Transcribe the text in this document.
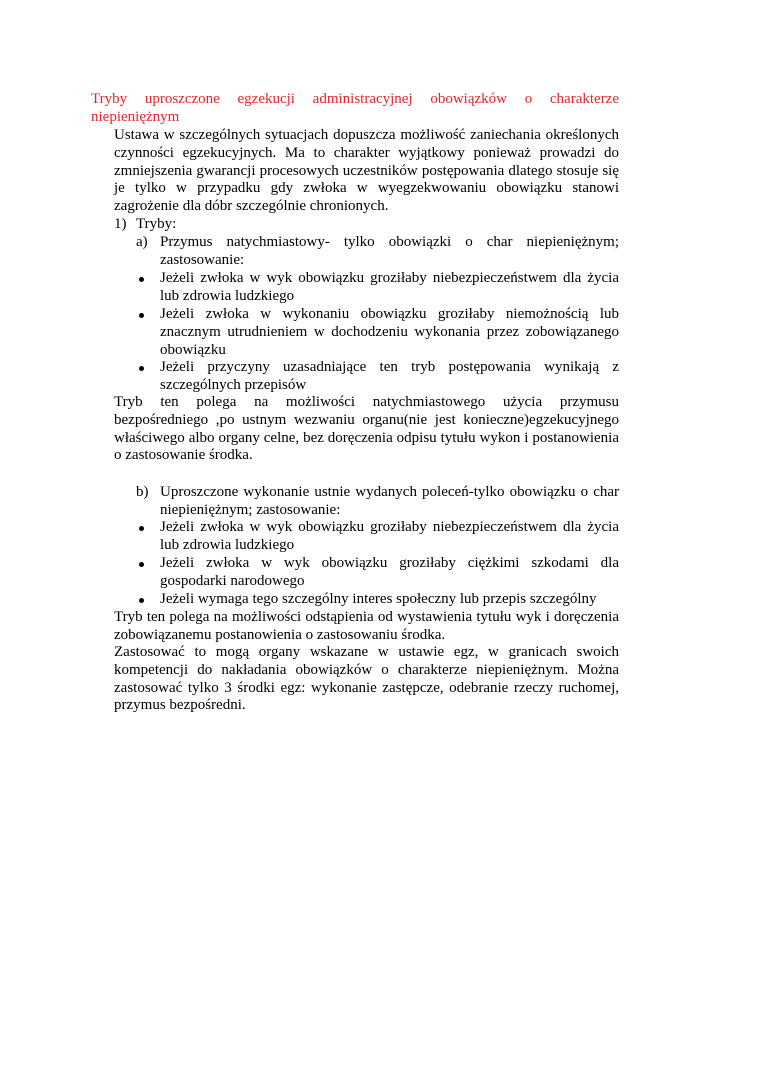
Tryby uproszczone egzekucji administracyjnej obowiązków o charakterze niepieniężnym
Ustawa w szczególnych sytuacjach dopuszcza możliwość zaniechania określonych czynności egzekucyjnych. Ma to charakter wyjątkowy ponieważ prowadzi do zmniejszenia gwarancji procesowych uczestników postępowania dlatego stosuje się je tylko w przypadku gdy zwłoka w wyegzekwowaniu obowiązku stanowi zagrożenie dla dóbr szczególnie chronionych.
1) Tryby:
a) Przymus natychmiastowy- tylko obowiązki o char niepieniężnym; zastosowanie:
Jeżeli zwłoka w wyk obowiązku groziłaby niebezpieczeństwem dla życia lub zdrowia ludzkiego
Jeżeli zwłoka w wykonaniu obowiązku groziłaby niemożnością lub znacznym utrudnieniem w dochodzeniu wykonania przez zobowiązanego obowiązku
Jeżeli przyczyny uzasadniające ten tryb postępowania wynikają z szczególnych przepisów
Tryb ten polega na możliwości natychmiastowego użycia przymusu bezpośredniego ,po ustnym wezwaniu organu(nie jest konieczne)egzekucyjnego właściwego albo organy celne, bez doręczenia odpisu tytułu wykon i postanowienia o zastosowanie środka.
b) Uproszczone wykonanie ustnie wydanych poleceń-tylko obowiązku o char niepieniężnym; zastosowanie:
Jeżeli zwłoka w wyk obowiązku groziłaby niebezpieczeństwem dla życia lub zdrowia ludzkiego
Jeżeli zwłoka w wyk obowiązku groziłaby ciężkimi szkodami dla gospodarki narodowego
Jeżeli wymaga tego szczególny interes społeczny lub przepis szczególny
Tryb ten polega na możliwości odstąpienia od wystawienia tytułu wyk i doręczenia zobowiązanemu postanowienia o zastosowaniu środka.
Zastosować to mogą organy wskazane w ustawie egz, w granicach swoich kompetencji do nakładania obowiązków o charakterze niepieniężnym. Można zastosować tylko 3 środki egz: wykonanie zastępcze, odebranie rzeczy ruchomej, przymus bezpośredni.
